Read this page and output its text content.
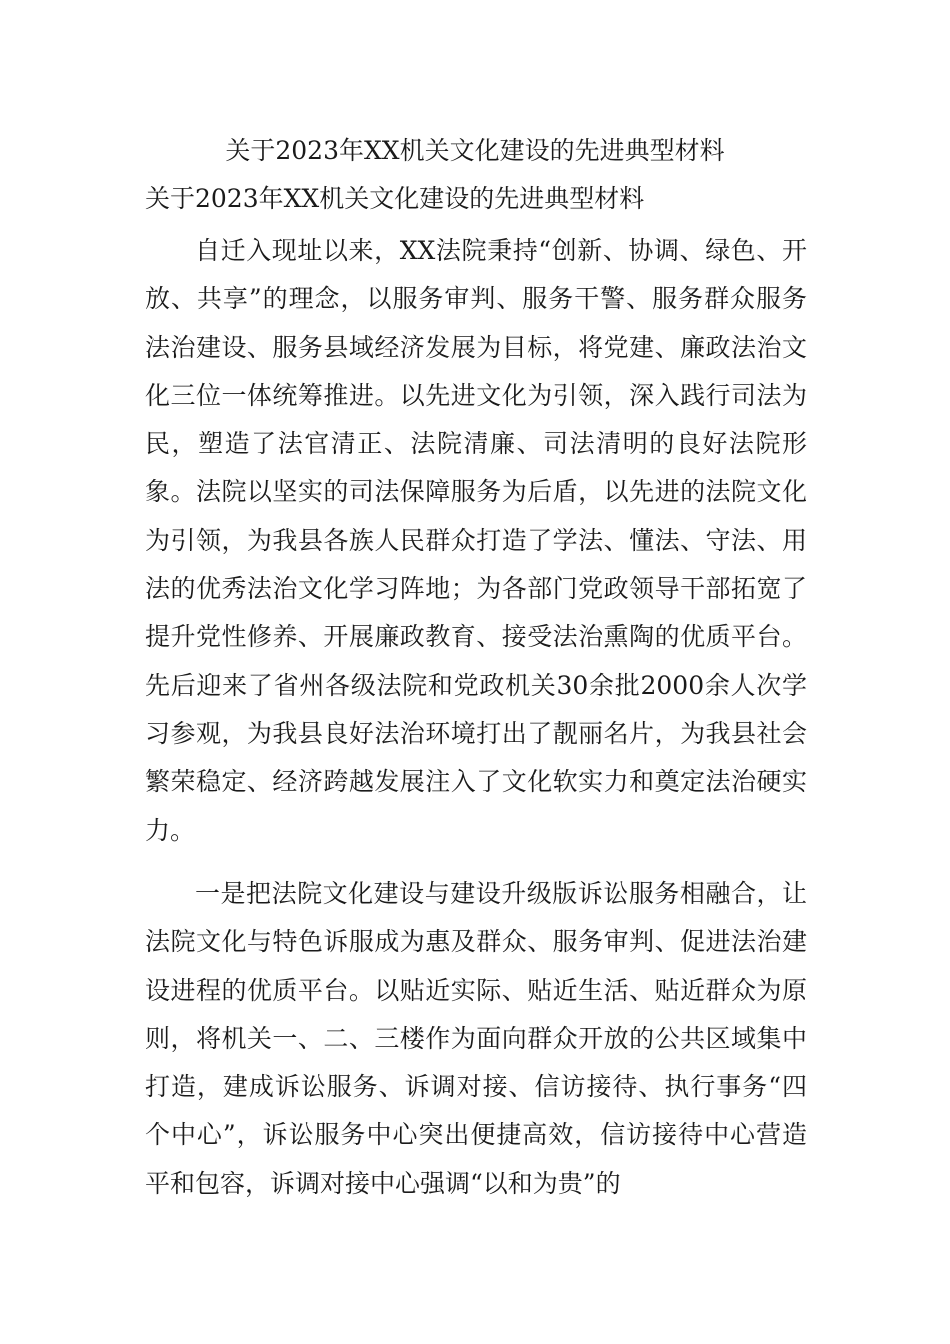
关于2023年XX机关文化建设的先进典型材料
关于2023年XX机关文化建设的先进典型材料

自迁入现址以来，XX法院秉持“创新、协调、绿色、开放、共享”的理念，以服务审判、服务干警、服务群众服务法治建设、服务县域经济发展为目标，将党建、廉政法治文化三位一体统筹推进。以先进文化为引领，深入践行司法为民，塑造了法官清正、法院清廉、司法清明的良好法院形象。法院以坚实的司法保障服务为后盾，以先进的法院文化为引领，为我县各族人民群众打造了学法、懂法、守法、用法的优秀法治文化学习阵地；为各部门党政领导干部拓宽了提升党性修养、开展廉政教育、接受法治熏陶的优质平台。先后迎来了省州各级法院和党政机关30余批2000余人次学习参观，为我县良好法治环境打出了靓丽名片，为我县社会繁荣稳定、经济跨越发展注入了文化软实力和奠定法治硬实力。

一是把法院文化建设与建设升级版诉讼服务相融合，让法院文化与特色诉服成为惠及群众、服务审判、促进法治建设进程的优质平台。以贴近实际、贴近生活、贴近群众为原则，将机关一、二、三楼作为面向群众开放的公共区域集中打造，建成诉讼服务、诉调对接、信访接待、执行事务“四个中心”，诉讼服务中心突出便捷高效，信访接待中心营造平和包容，诉调对接中心强调“以和为贵”的
